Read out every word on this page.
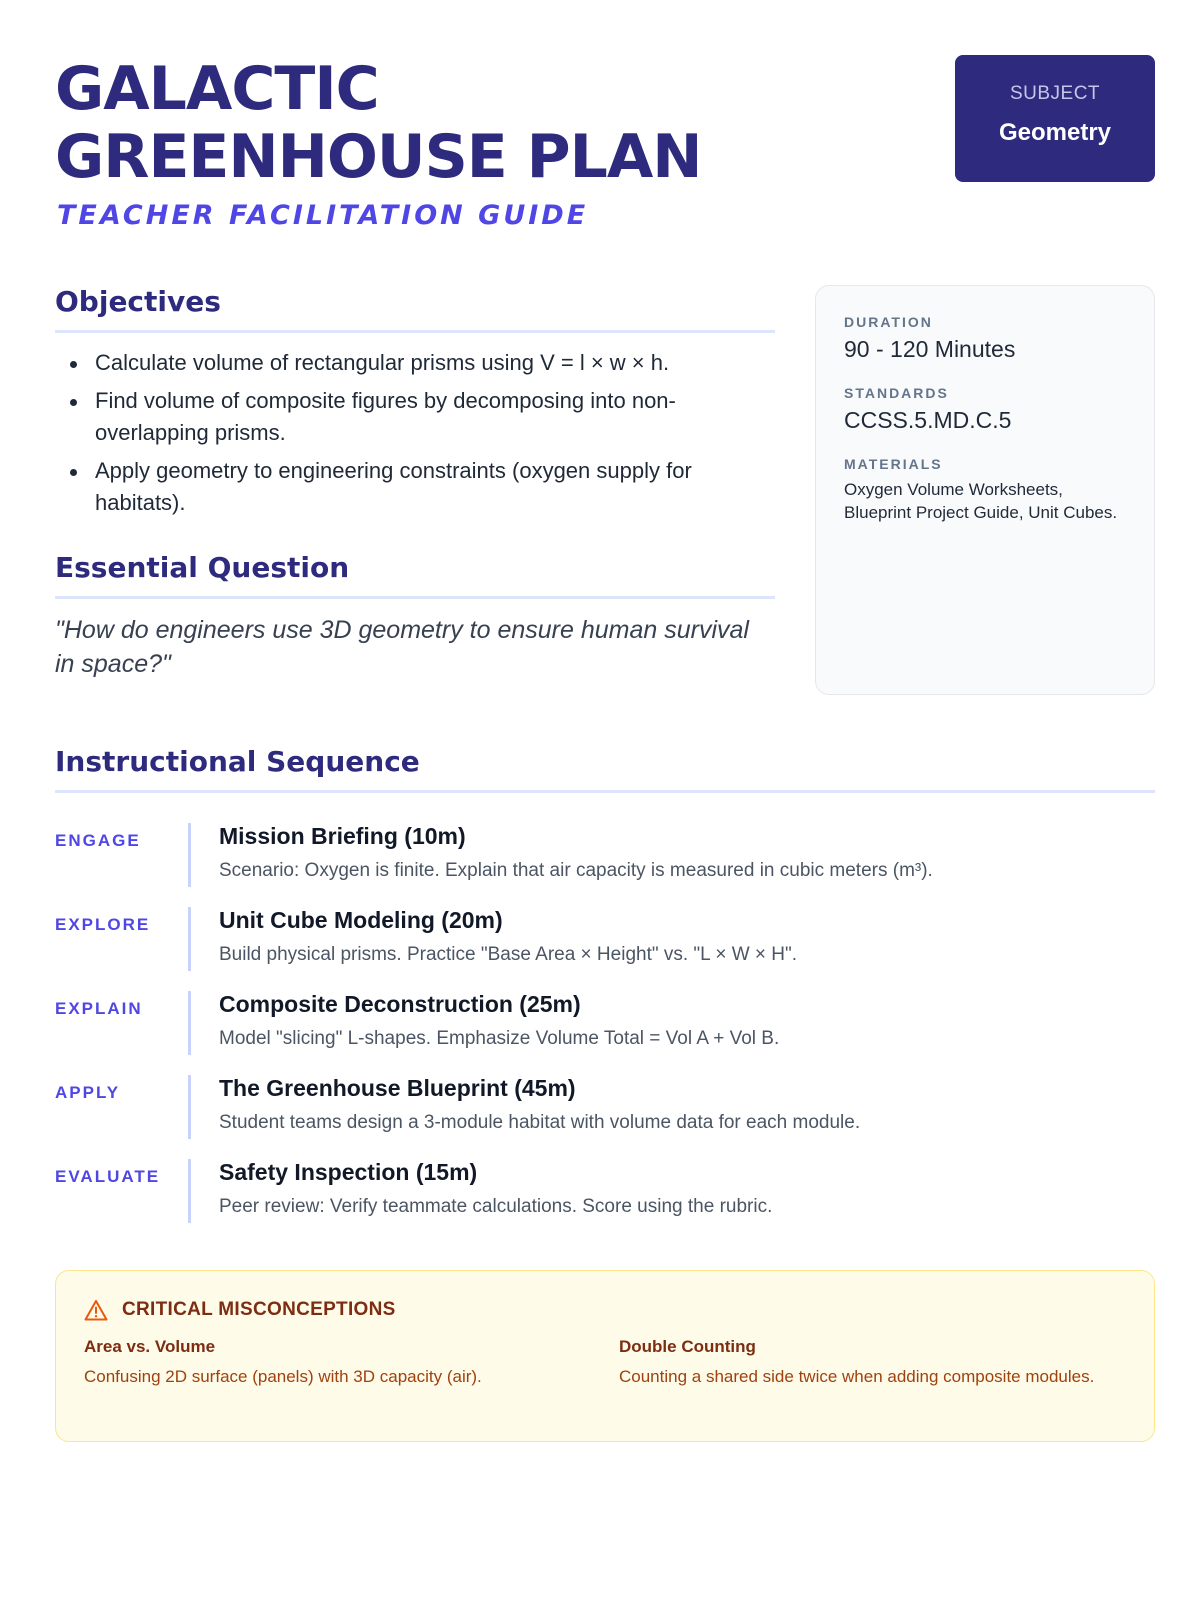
GALACTIC GREENHOUSE PLAN
TEACHER FACILITATION GUIDE
SUBJECT
Geometry
Objectives
Calculate volume of rectangular prisms using V = l × w × h.
Find volume of composite figures by decomposing into non-overlapping prisms.
Apply geometry to engineering constraints (oxygen supply for habitats).
Essential Question

"How do engineers use 3D geometry to ensure human survival in space?"

DURATION
90 - 120 Minutes
STANDARDS
CCSS.5.MD.C.5
MATERIALS
Oxygen Volume Worksheets, Blueprint Project Guide, Unit Cubes.
Instructional Sequence
ENGAGE	Mission Briefing (10m)
Scenario: Oxygen is finite. Explain that air capacity is measured in cubic meters (m³).
EXPLORE	Unit Cube Modeling (20m)
Build physical prisms. Practice "Base Area × Height" vs. "L × W × H".
EXPLAIN	Composite Deconstruction (25m)
Model "slicing" L-shapes. Emphasize Volume Total = Vol A + Vol B.
APPLY	The Greenhouse Blueprint (45m)
Student teams design a 3-module habitat with volume data for each module.
EVALUATE	Safety Inspection (15m)
Peer review: Verify teammate calculations. Score using the rubric.
CRITICAL MISCONCEPTIONS
Area vs. Volume
Confusing 2D surface (panels) with 3D capacity (air).
Double Counting
Counting a shared side twice when adding composite modules.
